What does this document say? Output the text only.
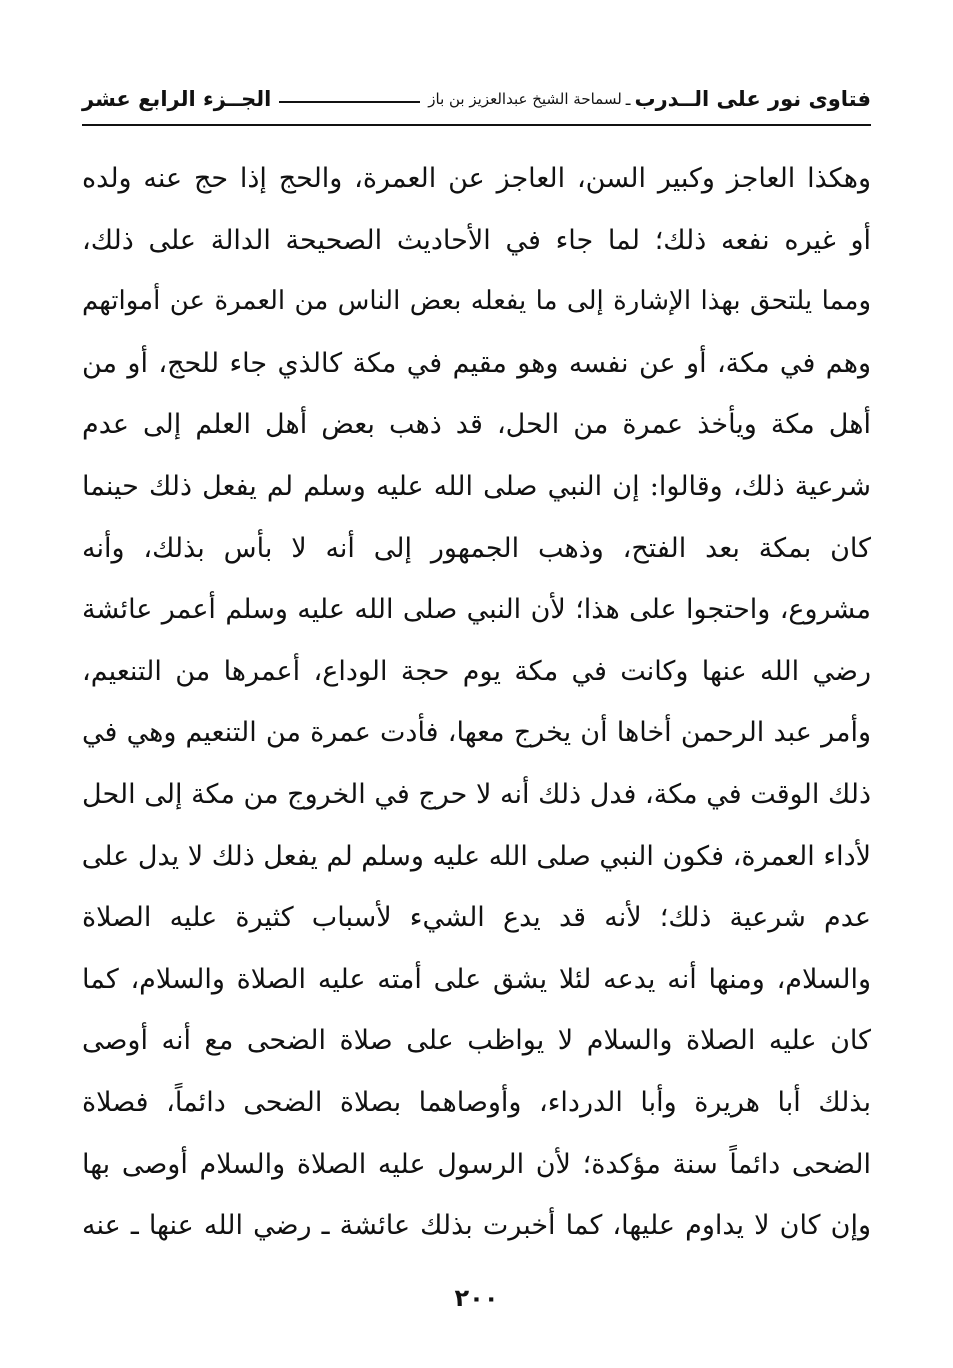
فتاوى نور على الــدرب
ـ
لسماحة الشيخ عبدالعزيز بن باز
الجــزء الرابع عشر
وهكذا العاجز وكبير السن، العاجز عن العمرة، والحج إذا حج عنه ولده
أو غيره نفعه ذلك؛ لما جاء في الأحاديث الصحيحة الدالة على ذلك،
ومما يلتحق بهذا الإشارة إلى ما يفعله بعض الناس من العمرة عن أمواتهم
وهم في مكة، أو عن نفسه وهو مقيم في مكة كالذي جاء للحج، أو من
أهل مكة ويأخذ عمرة من الحل، قد ذهب بعض أهل العلم إلى عدم
شرعية ذلك، وقالوا: إن النبي صلى الله عليه وسلم لم يفعل ذلك حينما
كان بمكة بعد الفتح، وذهب الجمهور إلى أنه لا بأس بذلك، وأنه
مشروع، واحتجوا على هذا؛ لأن النبي صلى الله عليه وسلم أعمر عائشة
رضي الله عنها وكانت في مكة يوم حجة الوداع، أعمرها من التنعيم،
وأمر عبد الرحمن أخاها أن يخرج معها، فأدت عمرة من التنعيم وهي في
ذلك الوقت في مكة، فدل ذلك أنه لا حرج في الخروج من مكة إلى الحل
لأداء العمرة، فكون النبي صلى الله عليه وسلم لم يفعل ذلك لا يدل على
عدم شرعية ذلك؛ لأنه قد يدع الشيء لأسباب كثيرة عليه الصلاة
والسلام، ومنها أنه يدعه لئلا يشق على أمته عليه الصلاة والسلام، كما
كان عليه الصلاة والسلام لا يواظب على صلاة الضحى مع أنه أوصى
بذلك أبا هريرة وأبا الدرداء، وأوصاهما بصلاة الضحى دائماً، فصلاة
الضحى دائماً سنة مؤكدة؛ لأن الرسول عليه الصلاة والسلام أوصى بها
وإن كان لا يداوم عليها، كما أخبرت بذلك عائشة ـ رضي الله عنها ـ عنه
٢٠٠
